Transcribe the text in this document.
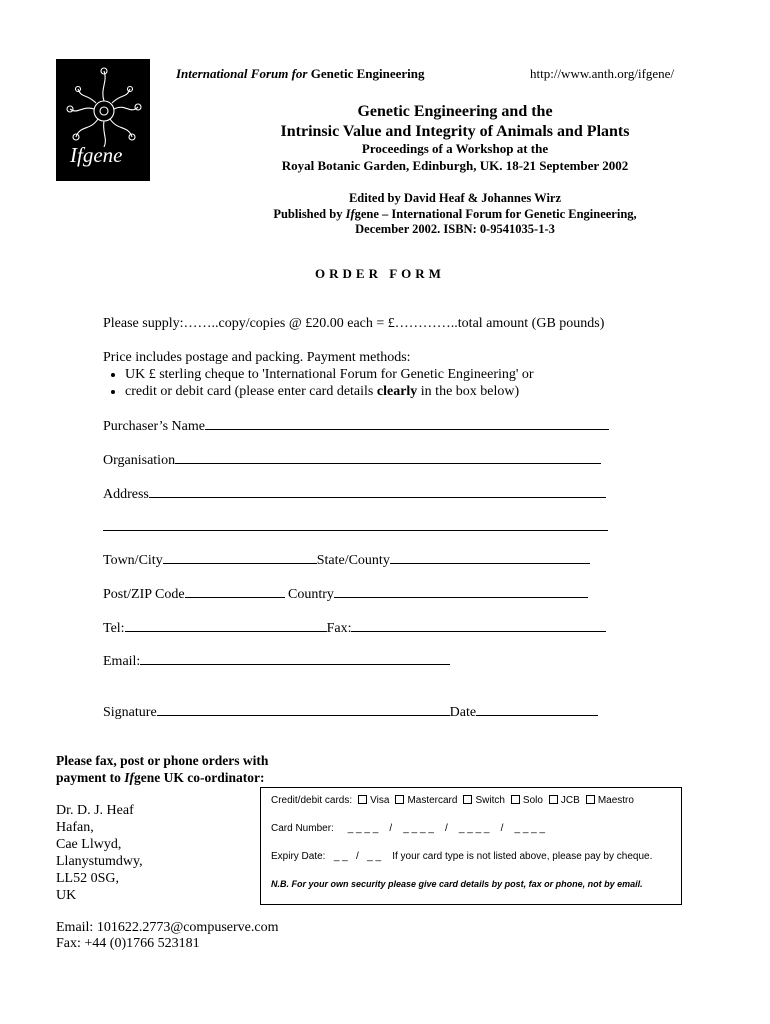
Ifgene
International Forum for Genetic Engineering	http://www.anth.org/ifgene/
Genetic Engineering and the
Intrinsic Value and Integrity of Animals and Plants
Proceedings of a Workshop at the
Royal Botanic Garden, Edinburgh, UK. 18-21 September 2002
Edited by David Heaf & Johannes Wirz
Published by Ifgene – International Forum for Genetic Engineering,
December 2002. ISBN: 0-9541035-1-3
ORDER FORM
Please supply:……..copy/copies @ £20.00 each = £…………..total amount (GB pounds)
Price includes postage and packing. Payment methods:
• UK £ sterling cheque to 'International Forum for Genetic Engineering' or
• credit or debit card (please enter card details clearly in the box below)
Purchaser’s Name
Organisation
Address
Town/City	State/County
Post/ZIP Code	Country
Tel:	Fax:
Email:
Signature	Date
Please fax, post or phone orders with
payment to Ifgene UK co-ordinator:
Dr. D. J. Heaf
Hafan,
Cae Llwyd,
Llanystumdwy,
LL52 0SG,
UK
Email: 101622.2773@compuserve.com
Fax: +44 (0)1766 523181
Credit/debit cards: Visa Mastercard Switch Solo JCB Maestro
Card Number: _ _ _ _    /    _ _ _ _    /    _ _ _ _    /    _ _ _ _
Expiry Date: _ _   /   _ _ If your card type is not listed above, please pay by cheque.
N.B. For your own security please give card details by post, fax or phone, not by email.
